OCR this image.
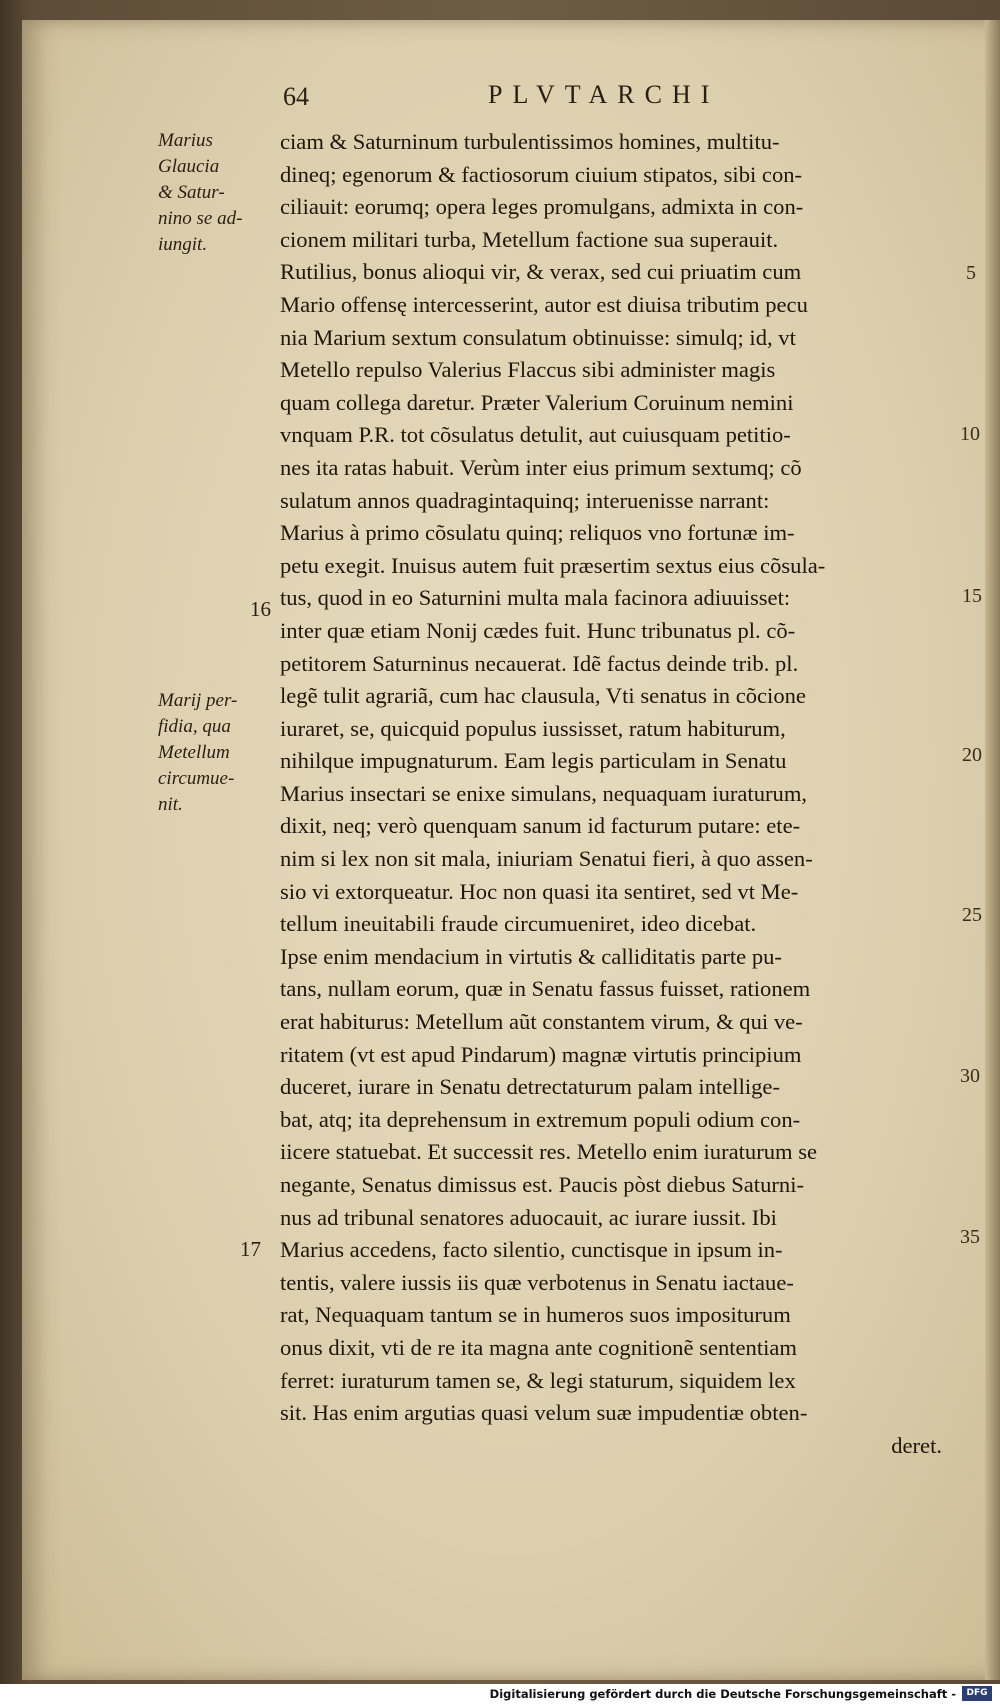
64	PLVTARCHI
Marius
Glaucia
& Satur-
nino se ad-
iungit.
Marij per-
fidia, qua
Metellum
circumue-
nit.
16
17
5
10
15
20
25
30
35
ciam & Saturninum turbulentissimos homines, multitu-
dineq; egenorum & factiosorum ciuium stipatos, sibi con-
ciliauit: eorumq; opera leges promulgans, admixta in con-
cionem militari turba, Metellum factione sua superauit.
Rutilius, bonus alioqui vir, & verax, sed cui priuatim cum
Mario offensę intercesserint, autor est diuisa tributim pecu
nia Marium sextum consulatum obtinuisse: simulq; id, vt
Metello repulso Valerius Flaccus sibi administer magis
quam collega daretur. Præter Valerium Coruinum nemini
vnquam P.R. tot cõsulatus detulit, aut cuiusquam petitio-
nes ita ratas habuit. Verùm inter eius primum sextumq; cõ
sulatum annos quadragintaquinq; interuenisse narrant:
Marius à primo cõsulatu quinq; reliquos vno fortunæ im-
petu exegit. Inuisus autem fuit præsertim sextus eius cõsula-
tus, quod in eo Saturnini multa mala facinora adiuuisset:
inter quæ etiam Nonij cædes fuit. Hunc tribunatus pl. cõ-
petitorem Saturninus necauerat. Idẽ factus deinde trib. pl.
legẽ tulit agrariã, cum hac clausula, Vti senatus in cõcione
iuraret, se, quicquid populus iussisset, ratum habiturum,
nihilque impugnaturum. Eam legis particulam in Senatu
Marius insectari se enixe simulans, nequaquam iuraturum,
dixit, neq; verò quenquam sanum id facturum putare: ete-
nim si lex non sit mala, iniuriam Senatui fieri, à quo assen-
sio vi extorqueatur. Hoc non quasi ita sentiret, sed vt Me-
tellum ineuitabili fraude circumueniret, ideo dicebat.
Ipse enim mendacium in virtutis & calliditatis parte pu-
tans, nullam eorum, quæ in Senatu fassus fuisset, rationem
erat habiturus: Metellum aũt constantem virum, & qui ve-
ritatem (vt est apud Pindarum) magnæ virtutis principium
duceret, iurare in Senatu detrectaturum palam intellige-
bat, atq; ita deprehensum in extremum populi odium con-
iicere statuebat. Et successit res. Metello enim iuraturum se
negante, Senatus dimissus est. Paucis pòst diebus Saturni-
nus ad tribunal senatores aduocauit, ac iurare iussit. Ibi
Marius accedens, facto silentio, cunctisque in ipsum in-
tentis, valere iussis iis quæ verbotenus in Senatu iactaue-
rat, Nequaquam tantum se in humeros suos impositurum
onus dixit, vti de re ita magna ante cognitionẽ sententiam
ferret: iuraturum tamen se, & legi staturum, siquidem lex
sit. Has enim argutias quasi velum suæ impudentiæ obten-
deret.
Digitalisierung gefördert durch die Deutsche Forschungsgemeinschaft -	DFG
